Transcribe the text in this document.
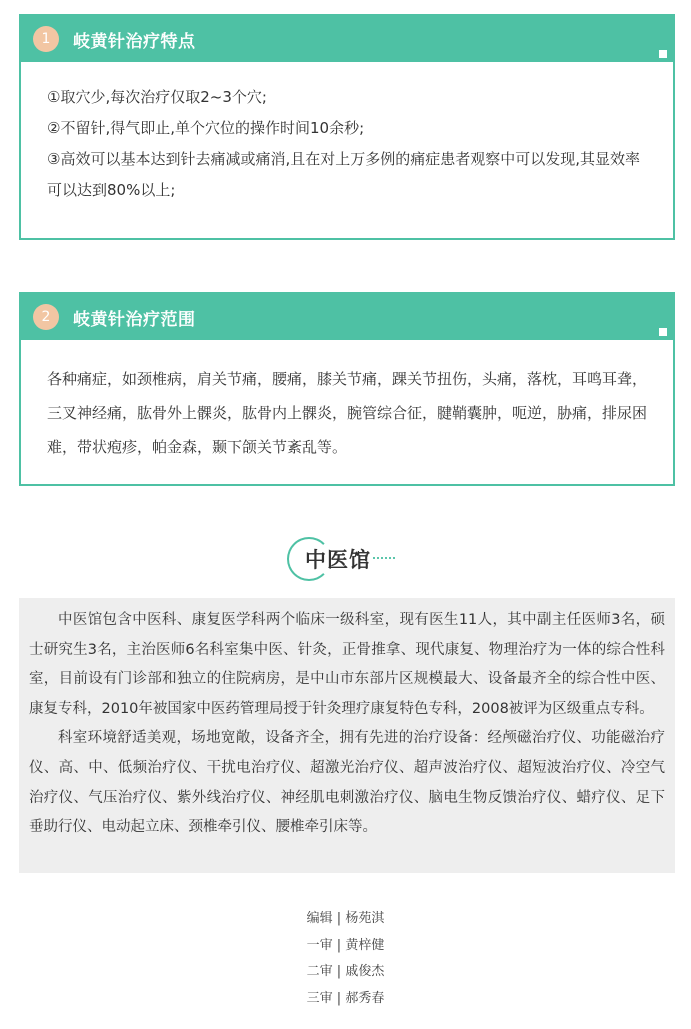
1	岐黄针治疗特点

①取穴少,每次治疗仅取2~3个穴;

②不留针,得气即止,单个穴位的操作时间10余秒;

③高效可以基本达到针去痛减或痛消,且在对上万多例的痛症患者观察中可以发现,其显效率可以达到80%以上;

2	岐黄针治疗范围

各种痛症，如颈椎病，肩关节痛，腰痛，膝关节痛，踝关节扭伤，头痛，落枕，耳鸣耳聋，三叉神经痛，肱骨外上髁炎，肱骨内上髁炎，腕管综合征，腱鞘囊肿，呃逆，胁痛，排尿困难，带状疱疹，帕金森，颞下颌关节紊乱等。

中医馆

中医馆包含中医科、康复医学科两个临床一级科室，现有医生11人，其中副主任医师3名，硕士研究生3名，主治医师6名科室集中医、针灸，正骨推拿、现代康复、物理治疗为一体的综合性科室，目前设有门诊部和独立的住院病房，是中山市东部片区规模最大、设备最齐全的综合性中医、康复专科，2010年被国家中医药管理局授于针灸理疗康复特色专科，2008被评为区级重点专科。

科室环境舒适美观，场地宽敞，设备齐全，拥有先进的治疗设备：经颅磁治疗仪、功能磁治疗仪、高、中、低频治疗仪、干扰电治疗仪、超激光治疗仪、超声波治疗仪、超短波治疗仪、冷空气治疗仪、气压治疗仪、紫外线治疗仪、神经肌电刺激治疗仪、脑电生物反馈治疗仪、蜡疗仪、足下垂助行仪、电动起立床、颈椎牵引仪、腰椎牵引床等。

编辑 | 杨苑淇
一审 | 黄梓健
二审 | 戚俊杰
三审 | 郝秀春
